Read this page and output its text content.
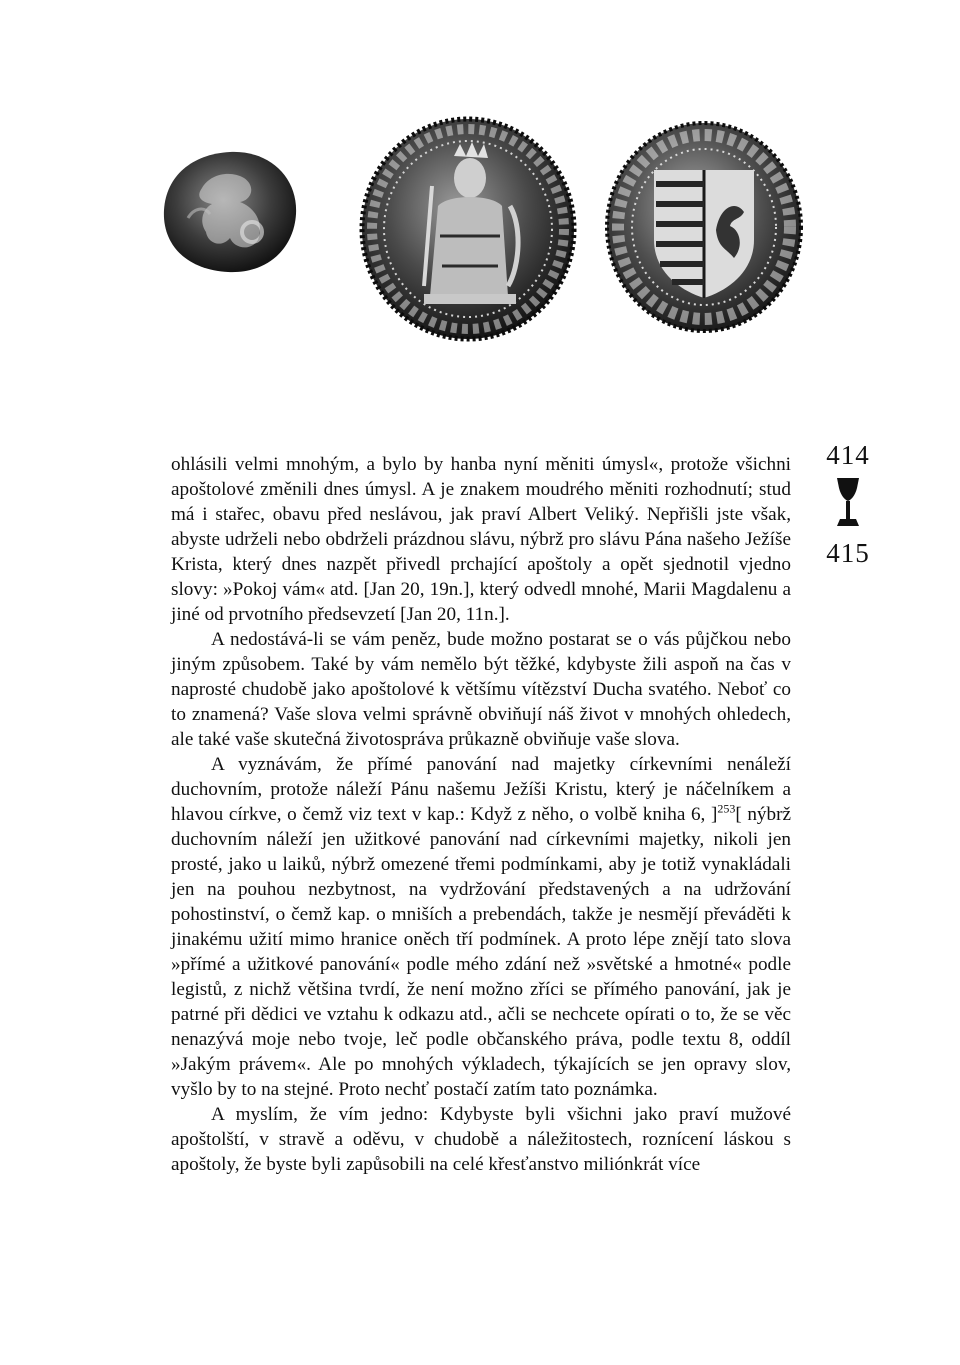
414
415

ohlásili velmi mnohým, a bylo by hanba nyní měniti úmysl«, protože všichni apoštolové změnili dnes úmysl. A je znakem moudrého měniti rozhodnutí; stud má i stařec, obavu před neslávou, jak praví Albert Veliký. Nepřišli jste však, abyste udrželi nebo obdrželi prázdnou slávu, nýbrž pro slávu Pána našeho Ježíše Krista, který dnes nazpět přivedl prchající apoštoly a opět sjednotil vjedno slovy: »Pokoj vám« atd. [Jan 20, 19n.], který odvedl mnohé, Marii Magdalenu a jiné od prvotního předsevzetí [Jan 20, 11n.].

A nedostává-li se vám peněz, bude možno postarat se o vás půjčkou nebo jiným způsobem. Také by vám nemělo být těžké, kdybyste žili aspoň na čas v naprosté chudobě jako apoštolové k většímu vítězství Ducha svatého. Neboť co to znamená? Vaše slova velmi správně obviňují náš život v mnohých ohledech, ale také vaše skutečná životospráva průkazně obviňuje vaše slova.

A vyznávám, že přímé panování nad majetky církevními nenáleží duchovním, protože náleží Pánu našemu Ježíši Kristu, který je náčelníkem a hlavou církve, o čemž viz text v kap.: Když z něho, o volbě kniha 6, ]$^{253}$[ nýbrž duchovním náleží jen užitkové panování nad církevními majetky, nikoli jen prosté, jako u laiků, nýbrž omezené třemi podmínkami, aby je totiž vynakládali jen na pouhou nezbytnost, na vydržování představených a na udržování pohostinství, o čemž kap. o mniších a prebendách, takže je nesmějí převáděti k jinakému užití mimo hranice oněch tří podmínek. A proto lépe znějí tato slova »přímé a užitkové panování« podle mého zdání než »světské a hmotné« podle legistů, z nichž většina tvrdí, že není možno zříci se přímého panování, jak je patrné při dědici ve vztahu k odkazu atd., ačli se nechcete opírati o to, že se věc nenazývá moje nebo tvoje, leč podle občanského práva, podle textu 8, oddíl »Jakým právem«. Ale po mnohých výkladech, týkajících se jen opravy slov, vyšlo by to na stejné. Proto nechť postačí zatím tato poznámka.

A myslím, že vím jedno: Kdybyste byli všichni jako praví mužové apoštolští, v stravě a oděvu, v chudobě a náležitostech, roznícení láskou s apoštoly, že byste byli zapůsobili na celé křesťanstvo miliónkrát více
